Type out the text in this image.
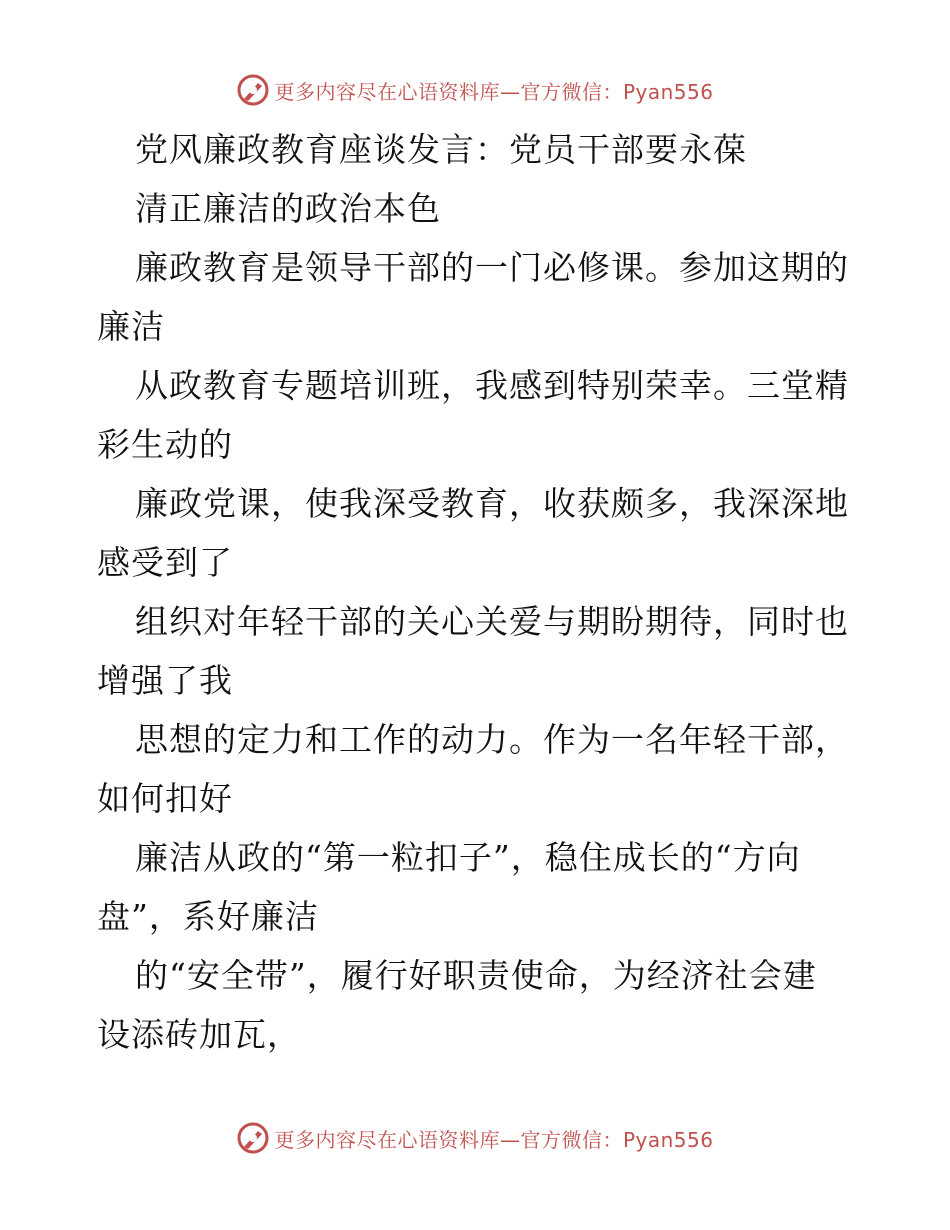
更多内容尽在心语资料库—官方微信：Pyan556
党风廉政教育座谈发言：党员干部要永葆
清正廉洁的政治本色
廉政教育是领导干部的一门必修课。参加这期的
廉洁
从政教育专题培训班，我感到特别荣幸。三堂精
彩生动的
廉政党课，使我深受教育，收获颇多，我深深地
感受到了
组织对年轻干部的关心关爱与期盼期待，同时也
增强了我
思想的定力和工作的动力。作为一名年轻干部，
如何扣好
廉洁从政的“第一粒扣子”，稳住成长的“方向
盘”，系好廉洁
的“安全带”，履行好职责使命，为经济社会建
设添砖加瓦，
更多内容尽在心语资料库—官方微信：Pyan556
